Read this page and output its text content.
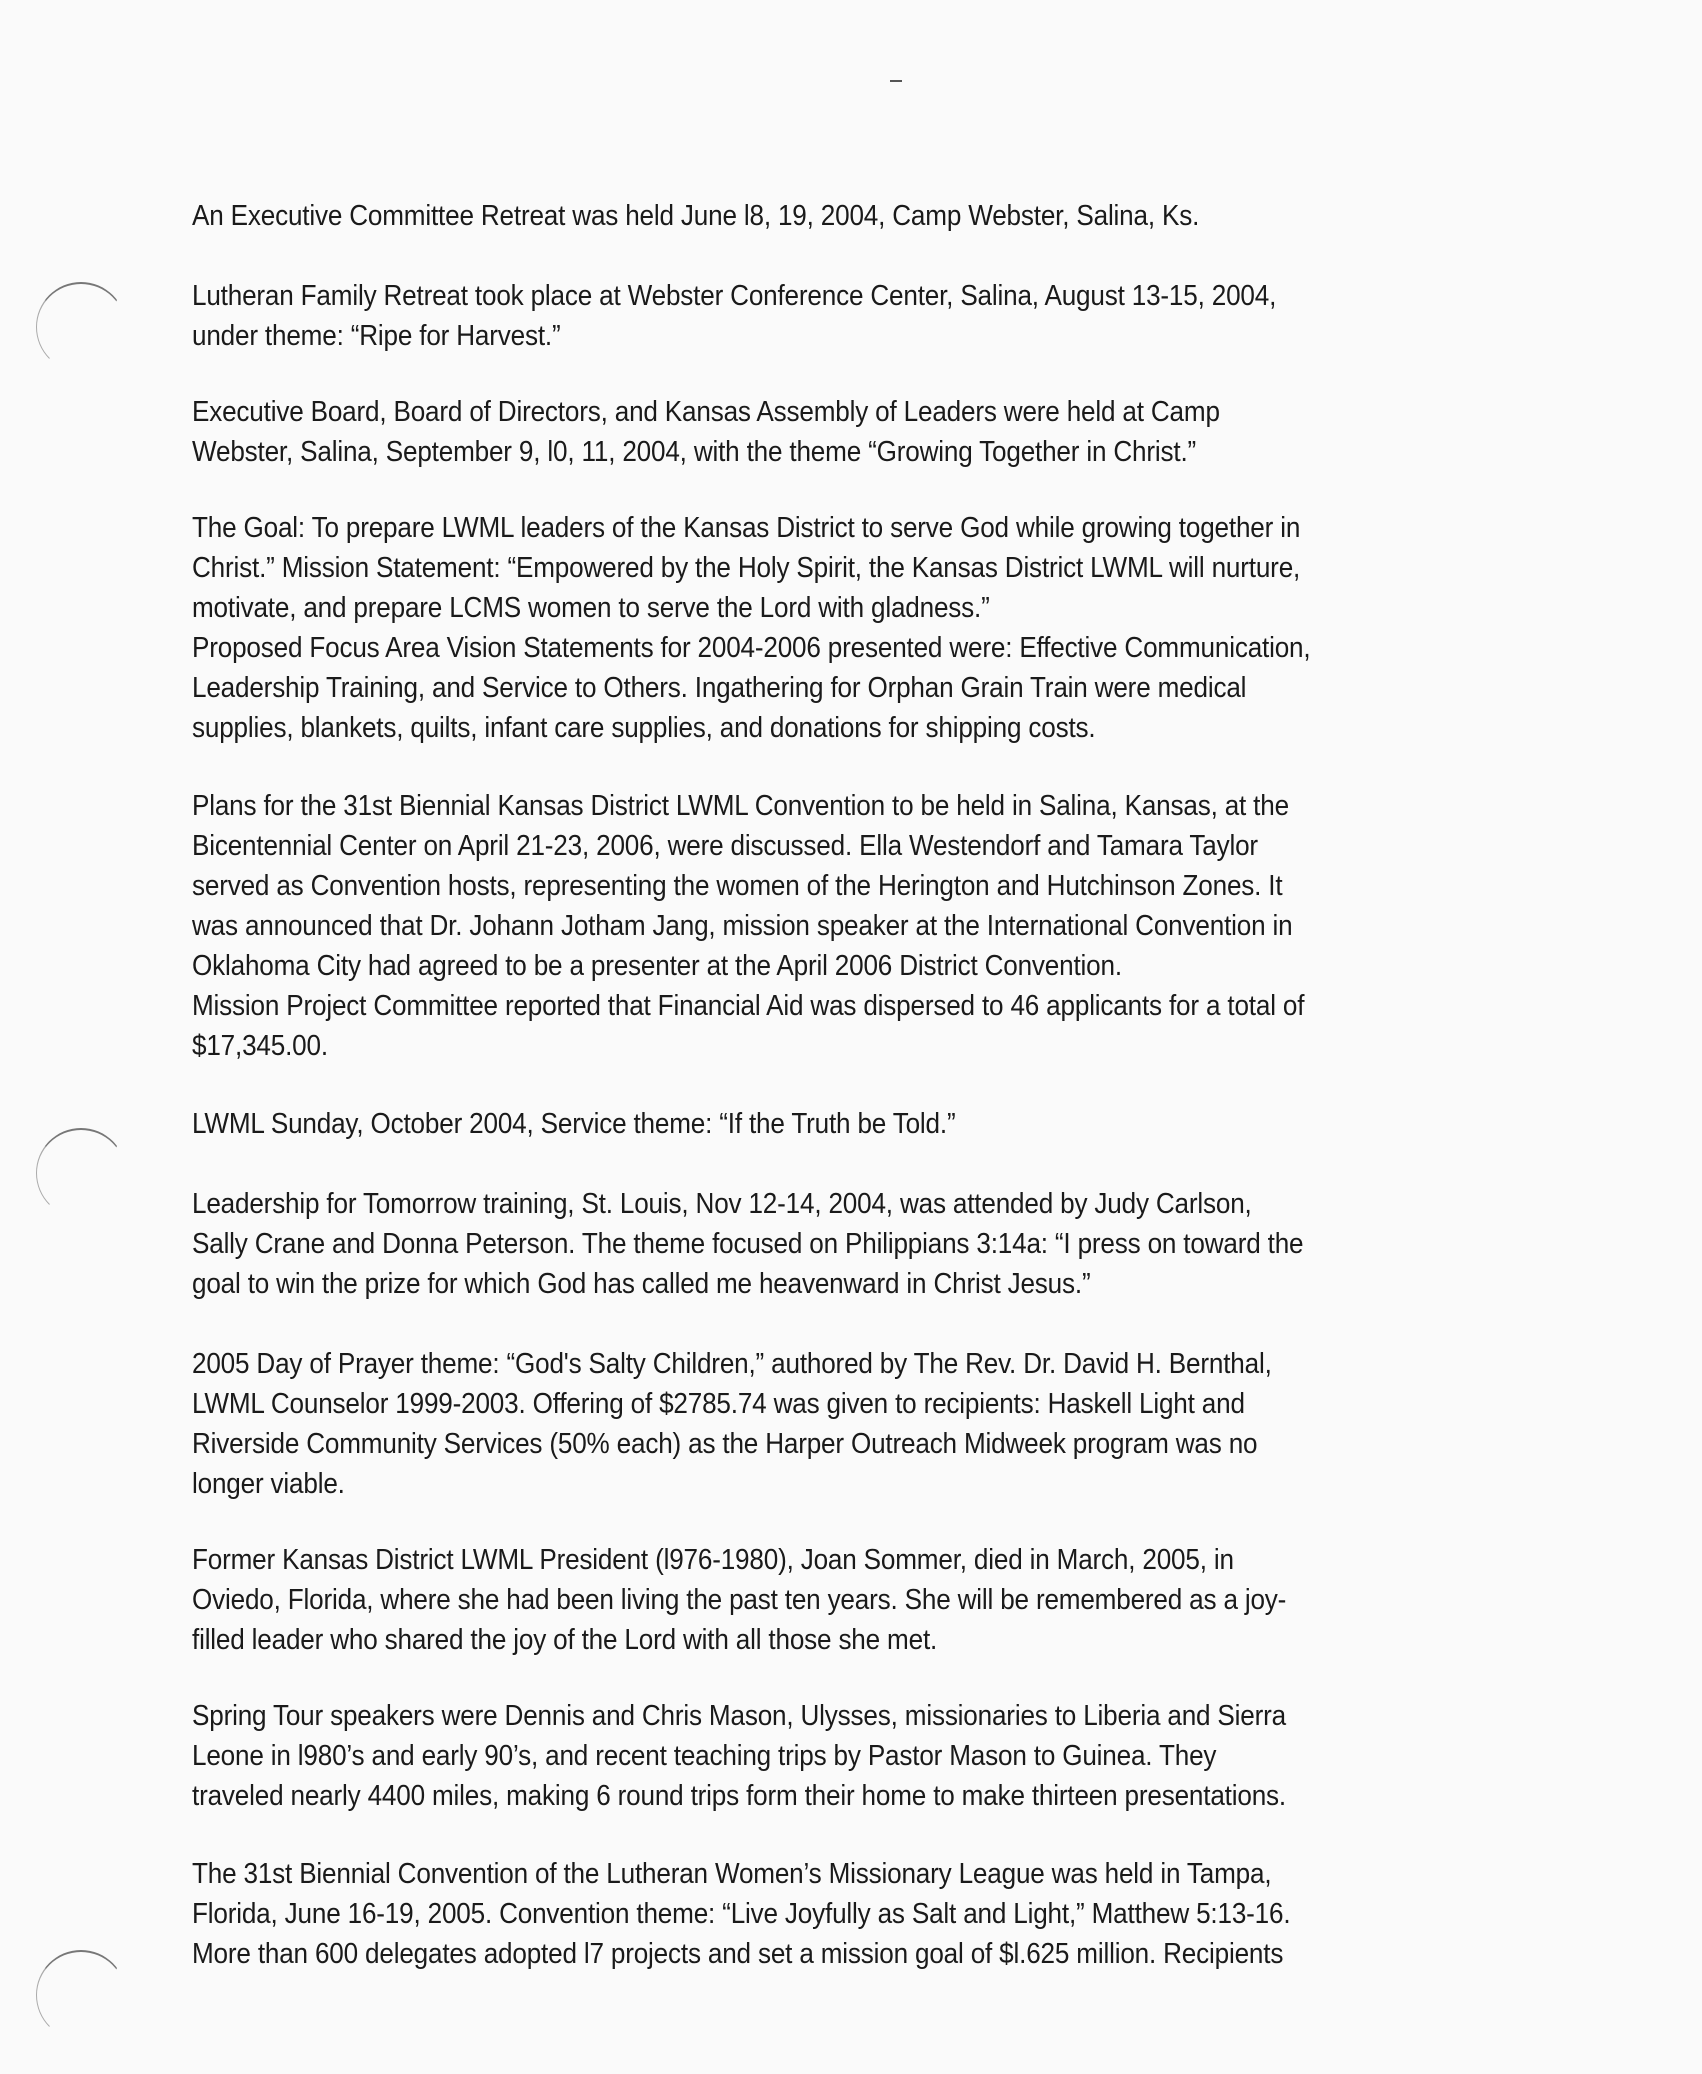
An Executive Committee Retreat was held June l8, 19, 2004, Camp Webster, Salina, Ks.

Lutheran Family Retreat took place at Webster Conference Center, Salina, August 13-15, 2004,
under theme: “Ripe for Harvest.”

Executive Board, Board of Directors, and Kansas Assembly of Leaders were held at Camp
Webster, Salina, September 9, l0, 11, 2004, with the theme “Growing Together in Christ.”

The Goal: To prepare LWML leaders of the Kansas District to serve God while growing together in
Christ.” Mission Statement: “Empowered by the Holy Spirit, the Kansas District LWML will nurture,
motivate, and prepare LCMS women to serve the Lord with gladness.”
Proposed Focus Area Vision Statements for 2004-2006 presented were: Effective Communication,
Leadership Training, and Service to Others. Ingathering for Orphan Grain Train were medical
supplies, blankets, quilts, infant care supplies, and donations for shipping costs.

Plans for the 31st Biennial Kansas District LWML Convention to be held in Salina, Kansas, at the
Bicentennial Center on April 21-23, 2006, were discussed. Ella Westendorf and Tamara Taylor
served as Convention hosts, representing the women of the Herington and Hutchinson Zones. It
was announced that Dr. Johann Jotham Jang, mission speaker at the International Convention in
Oklahoma City had agreed to be a presenter at the April 2006 District Convention.
Mission Project Committee reported that Financial Aid was dispersed to 46 applicants for a total of
$17,345.00.

LWML Sunday, October 2004, Service theme: “If the Truth be Told.”

Leadership for Tomorrow training, St. Louis, Nov 12-14, 2004, was attended by Judy Carlson,
Sally Crane and Donna Peterson. The theme focused on Philippians 3:14a: “I press on toward the
goal to win the prize for which God has called me heavenward in Christ Jesus.”

2005 Day of Prayer theme: “God's Salty Children,” authored by The Rev. Dr. David H. Bernthal,
LWML Counselor 1999-2003. Offering of $2785.74 was given to recipients: Haskell Light and
Riverside Community Services (50% each) as the Harper Outreach Midweek program was no
longer viable.

Former Kansas District LWML President (l976-1980), Joan Sommer, died in March, 2005, in
Oviedo, Florida, where she had been living the past ten years. She will be remembered as a joy-
filled leader who shared the joy of the Lord with all those she met.

Spring Tour speakers were Dennis and Chris Mason, Ulysses, missionaries to Liberia and Sierra
Leone in l980’s and early 90’s, and recent teaching trips by Pastor Mason to Guinea. They
traveled nearly 4400 miles, making 6 round trips form their home to make thirteen presentations.

The 31st Biennial Convention of the Lutheran Women’s Missionary League was held in Tampa,
Florida, June 16-19, 2005. Convention theme: “Live Joyfully as Salt and Light,” Matthew 5:13-16.
More than 600 delegates adopted l7 projects and set a mission goal of $l.625 million. Recipients
